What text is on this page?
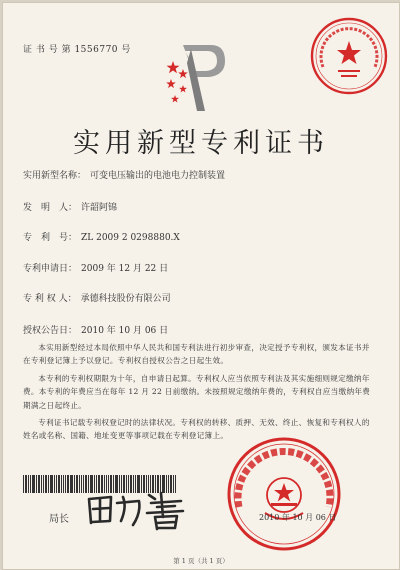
证 书 号 第 1556770 号
实用新型专利证书
实用新型名称： 可变电压输出的电池电力控制装置
发　明　人： 许韶阿锦
专　利　号： ZL 2009 2 0298880.X
专利申请日： 2009 年 12 月 22 日
专 利 权 人： 承德科技股份有限公司
授权公告日： 2010 年 10 月 06 日

本实用新型经过本局依照中华人民共和国专利法进行初步审查，决定授予专利权，颁发本证书并在专利登记簿上予以登记。专利权自授权公告之日起生效。

本专利的专利权期限为十年，自申请日起算。专利权人应当依照专利法及其实施细则规定缴纳年费。本专利的年费应当在每年 12 月 22 日前缴纳。未按照规定缴纳年费的，专利权自应当缴纳年费期满之日起终止。

专利证书记载专利权登记时的法律状况。专利权的转移、质押、无效、终止、恢复和专利权人的姓名或名称、国籍、地址变更等事项记载在专利登记簿上。

局长	2010 年 10 月 06 日
第 1 页（共 1 页）
